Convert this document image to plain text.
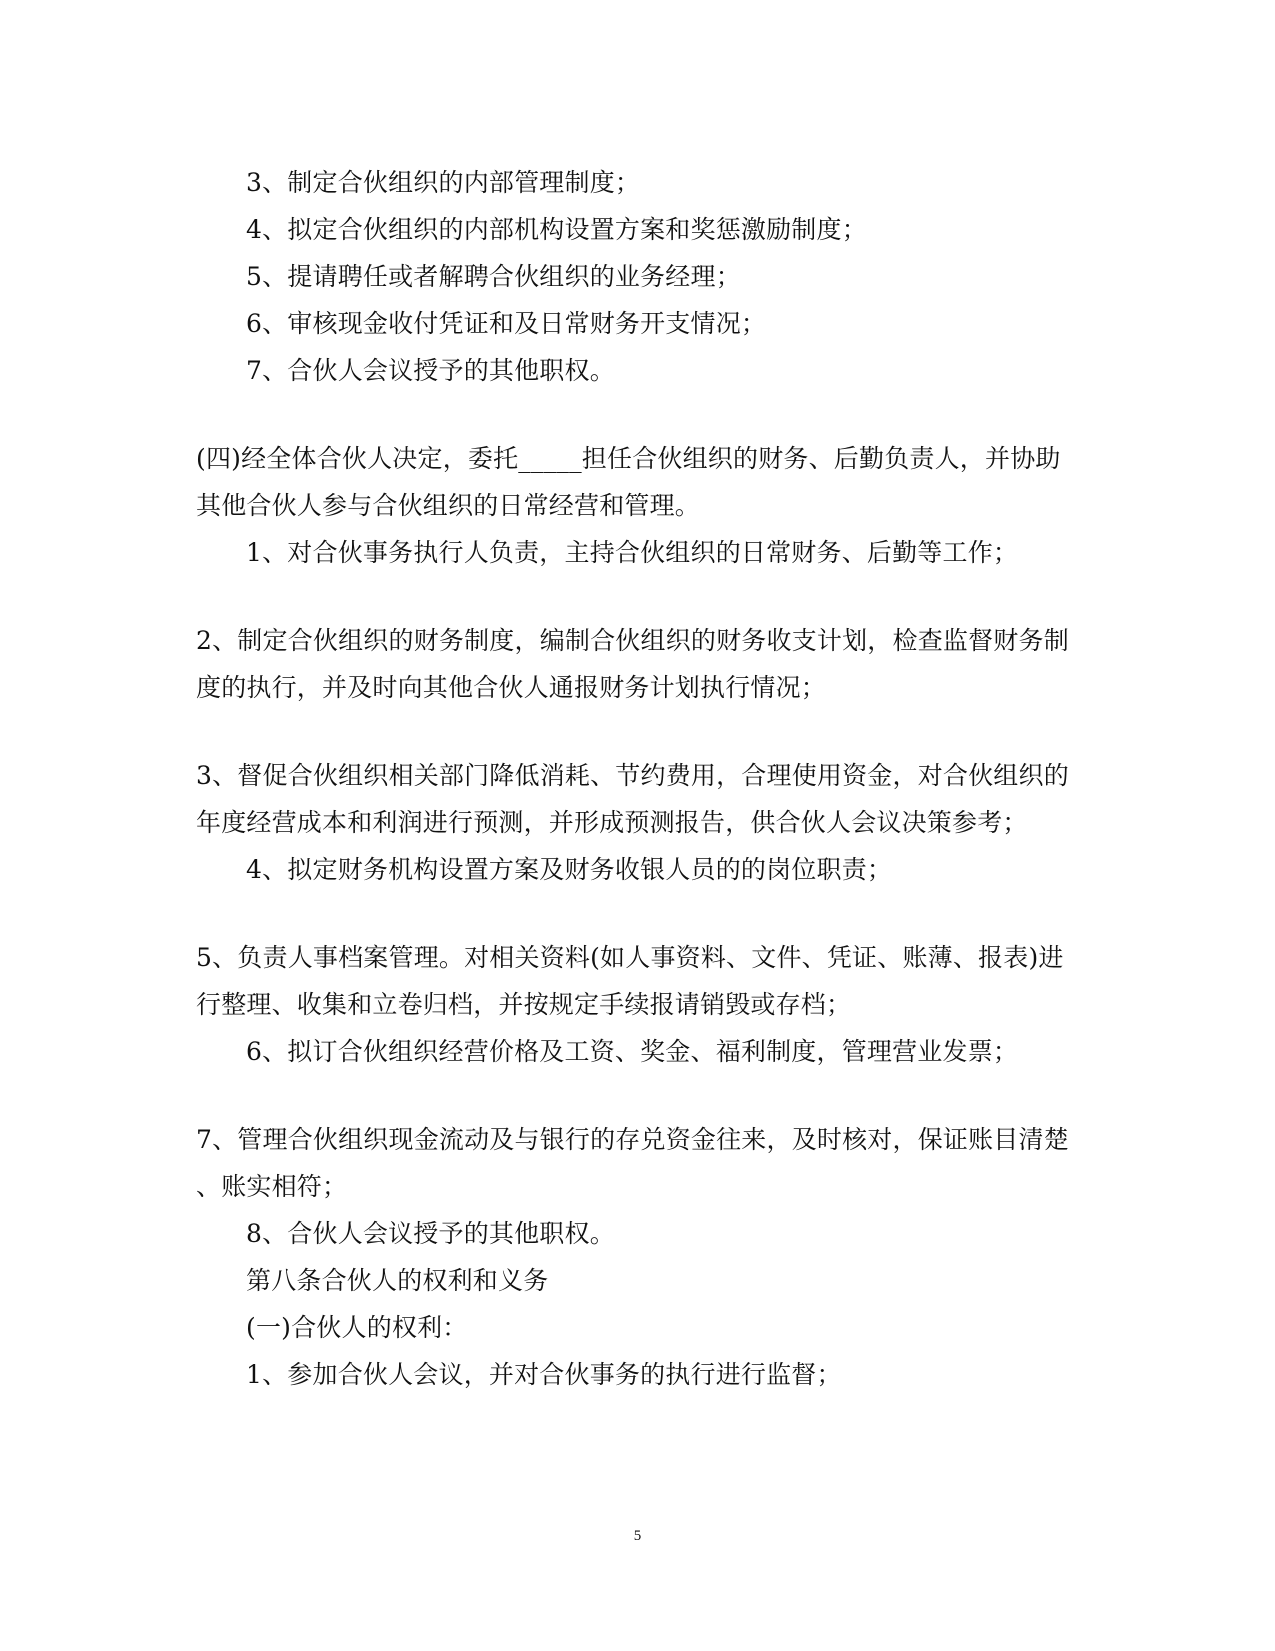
3、制定合伙组织的内部管理制度；
4、拟定合伙组织的内部机构设置方案和奖惩激励制度；
5、提请聘任或者解聘合伙组织的业务经理；
6、审核现金收付凭证和及日常财务开支情况；
7、合伙人会议授予的其他职权。
(四)经全体合伙人决定，委托_____担任合伙组织的财务、后勤负责人，并协助
其他合伙人参与合伙组织的日常经营和管理。
1、对合伙事务执行人负责，主持合伙组织的日常财务、后勤等工作；
2、制定合伙组织的财务制度，编制合伙组织的财务收支计划，检查监督财务制
度的执行，并及时向其他合伙人通报财务计划执行情况；
3、督促合伙组织相关部门降低消耗、节约费用，合理使用资金，对合伙组织的
年度经营成本和利润进行预测，并形成预测报告，供合伙人会议决策参考；
4、拟定财务机构设置方案及财务收银人员的的岗位职责；
5、负责人事档案管理。对相关资料(如人事资料、文件、凭证、账薄、报表)进
行整理、收集和立卷归档，并按规定手续报请销毁或存档；
6、拟订合伙组织经营价格及工资、奖金、福利制度，管理营业发票；
7、管理合伙组织现金流动及与银行的存兑资金往来，及时核对，保证账目清楚
、账实相符；
8、合伙人会议授予的其他职权。
第八条合伙人的权利和义务
(一)合伙人的权利：
1、参加合伙人会议，并对合伙事务的执行进行监督；
5
